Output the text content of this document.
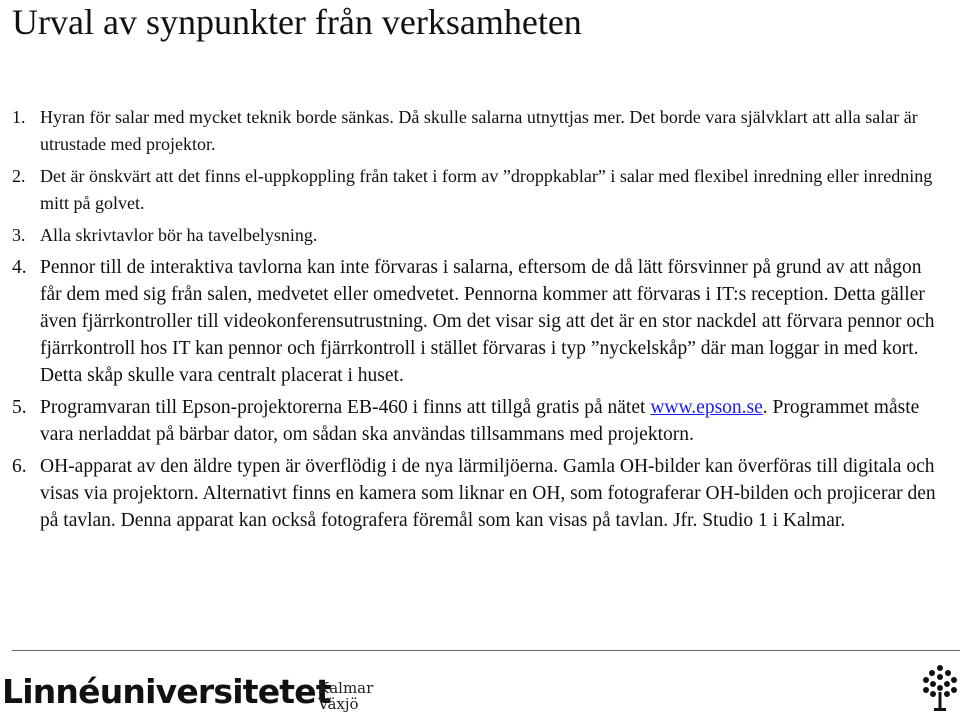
Urval av synpunkter från verksamheten
1. Hyran för salar med mycket teknik borde sänkas. Då skulle salarna utnyttjas mer. Det borde vara självklart att alla salar är utrustade med projektor.
2. Det är önskvärt att det finns el-uppkoppling från taket i form av ”droppkablar” i salar med flexibel inredning eller inredning mitt på golvet.
3. Alla skrivtavlor bör ha tavelbelysning.
4. Pennor till de interaktiva tavlorna kan inte förvaras i salarna, eftersom de då lätt försvinner på grund av att någon får dem med sig från salen, medvetet eller omedvetet. Pennorna kommer att förvaras i IT:s reception. Detta gäller även fjärrkontroller till videokonferensutrustning. Om det visar sig att det är en stor nackdel att förvara pennor och fjärrkontroll hos IT kan pennor och fjärrkontroll i stället förvaras i typ ”nyckelskåp” där man loggar in med kort. Detta skåp skulle vara centralt placerat i huset.
5. Programvaran till Epson-projektorerna EB-460 i finns att tillgå gratis på nätet www.epson.se. Programmet måste vara nerladdat på bärbar dator, om sådan ska användas tillsammans med projektorn.
6. OH-apparat av den äldre typen är överflödig i de nya lärmiljöerna. Gamla OH-bilder kan överföras till digitala och visas via projektorn. Alternativt finns en kamera som liknar en OH, som fotograferar OH-bilden och projicerar den på tavlan. Denna apparat kan också fotografera föremål som kan visas på tavlan. Jfr. Studio 1 i Kalmar.
Linnéuniversitetet
Kalmar
Växjö
